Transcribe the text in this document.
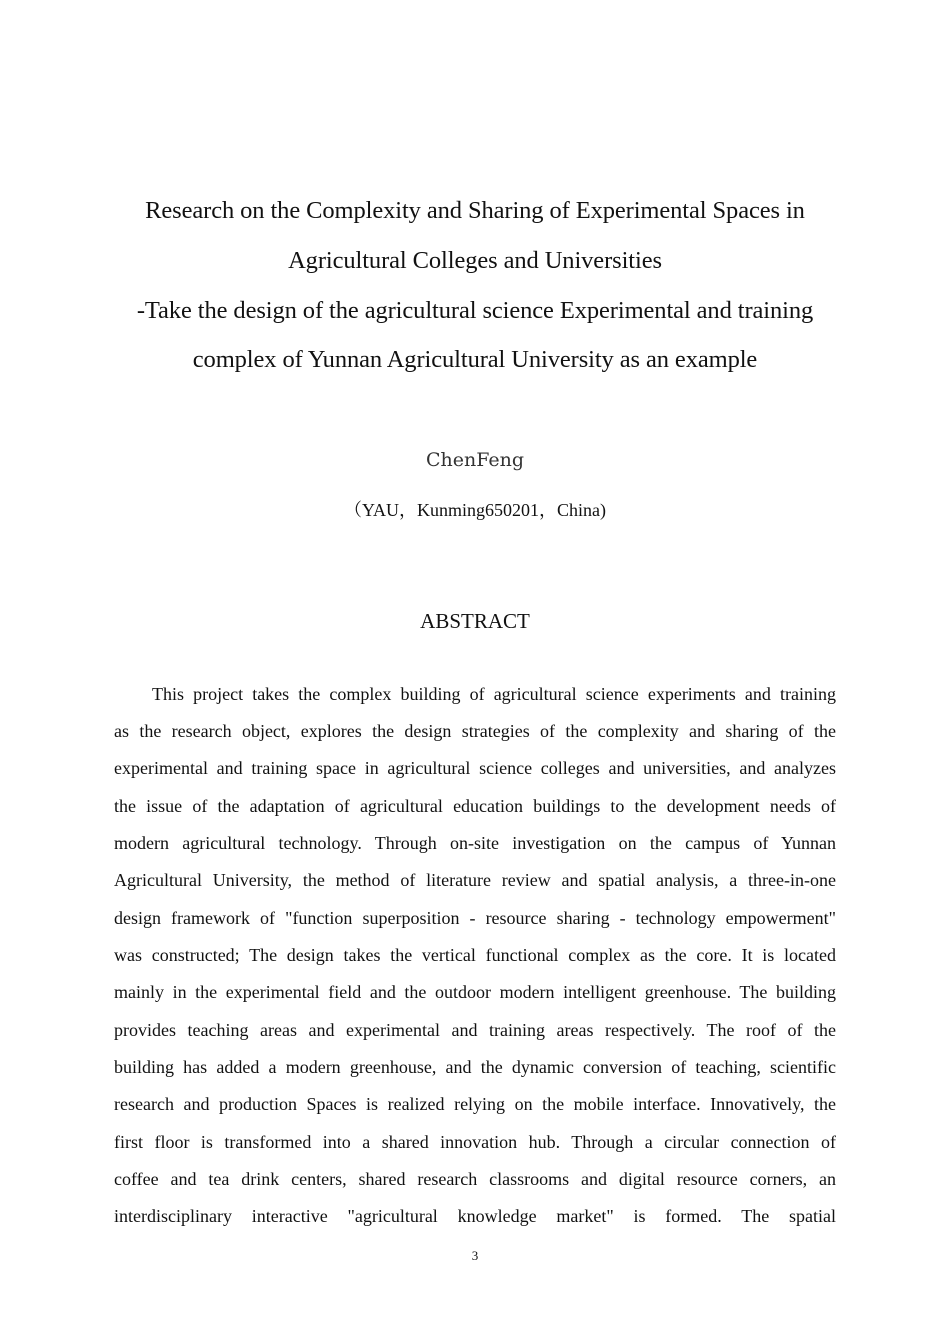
Research on the Complexity and Sharing of Experimental Spaces in
Agricultural Colleges and Universities
-Take the design of the agricultural science Experimental and training
complex of Yunnan Agricultural University as an example
ChenFeng
（YAU，Kunming650201，China)
ABSTRACT
This project takes the complex building of agricultural science experiments and training
as the research object, explores the design strategies of the complexity and sharing of the
experimental and training space in agricultural science colleges and universities, and analyzes
the issue of the adaptation of agricultural education buildings to the development needs of
modern agricultural technology. Through on-site investigation on the campus of Yunnan
Agricultural University, the method of literature review and spatial analysis, a three-in-one
design framework of "function superposition - resource sharing - technology empowerment"
was constructed; The design takes the vertical functional complex as the core. It is located
mainly in the experimental field and the outdoor modern intelligent greenhouse. The building
provides teaching areas and experimental and training areas respectively. The roof of the
building has added a modern greenhouse, and the dynamic conversion of teaching, scientific
research and production Spaces is realized relying on the mobile interface. Innovatively, the
first floor is transformed into a shared innovation hub. Through a circular connection of
coffee and tea drink centers, shared research classrooms and digital resource corners, an
interdisciplinary interactive "agricultural knowledge market" is formed. The spatial
3
